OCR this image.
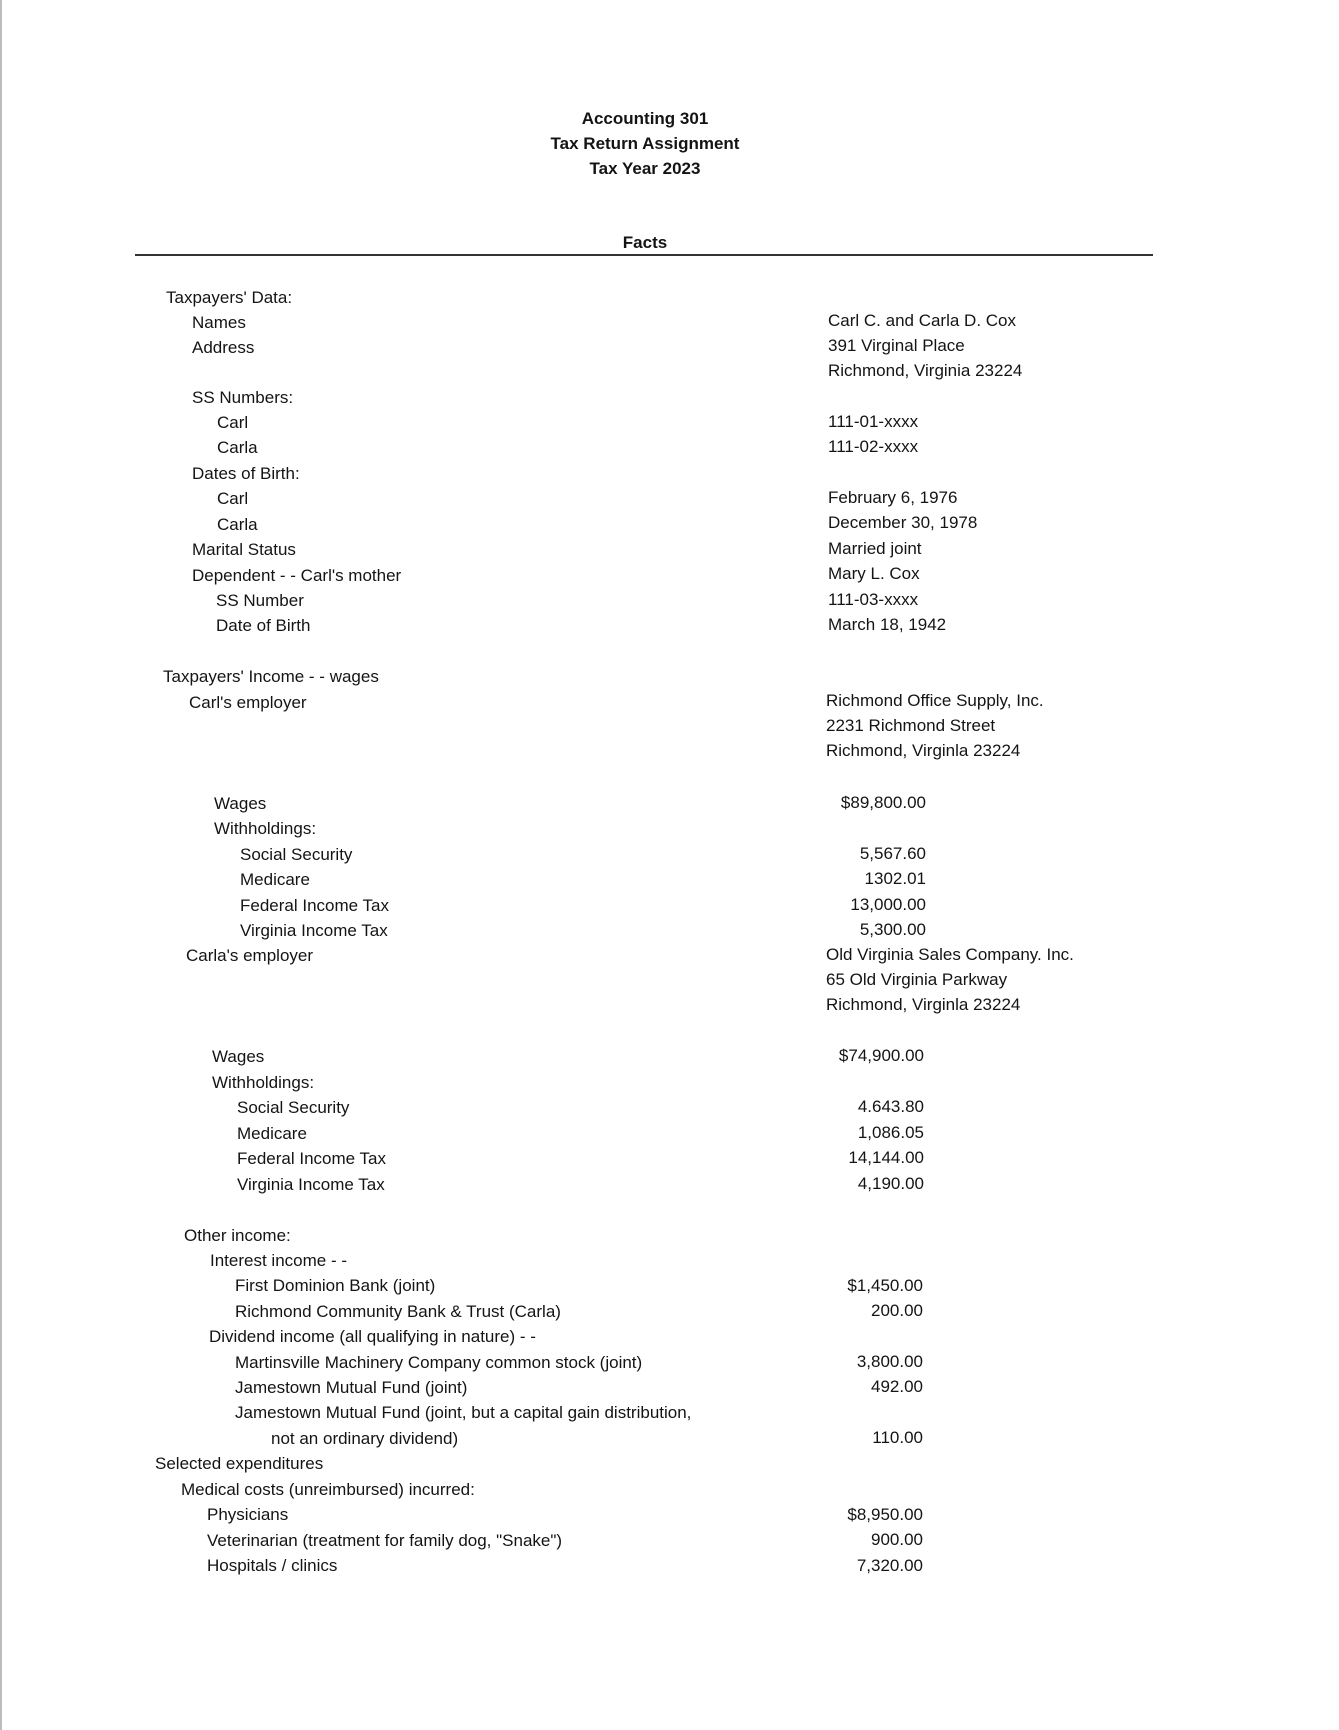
Accounting 301
Tax Return Assignment
Tax Year 2023
Facts
Taxpayers' Data:
Names	Carl C. and Carla D. Cox
Address	391 Virginal Place
Richmond, Virginia 23224
SS Numbers:
Carl	111-01-xxxx
Carla	111-02-xxxx
Dates of Birth:
Carl	February 6, 1976
Carla	December 30, 1978
Marital Status	Married joint
Dependent - - Carl's mother	Mary L. Cox
SS Number	111-03-xxxx
Date of Birth	March 18, 1942
Taxpayers' Income - - wages
Carl's employer	Richmond Office Supply, Inc.
2231 Richmond Street
Richmond, Virginla 23224
Wages	$89,800.00
Withholdings:
Social Security	5,567.60
Medicare	1302.01
Federal Income Tax	13,000.00
Virginia Income Tax	5,300.00
Carla's employer	Old Virginia Sales Company. Inc.
65 Old Virginia Parkway
Richmond, Virginla 23224
Wages	$74,900.00
Withholdings:
Social Security	4.643.80
Medicare	1,086.05
Federal Income Tax	14,144.00
Virginia Income Tax	4,190.00
Other income:
Interest income - -
First Dominion Bank (joint)	$1,450.00
Richmond Community Bank & Trust (Carla)	200.00
Dividend income (all qualifying in nature) - -
Martinsville Machinery Company common stock (joint)	3,800.00
Jamestown Mutual Fund (joint)	492.00
Jamestown Mutual Fund (joint, but a capital gain distribution,
not an ordinary dividend)	110.00
Selected expenditures
Medical costs (unreimbursed) incurred:
Physicians	$8,950.00
Veterinarian (treatment for family dog, "Snake")	900.00
Hospitals / clinics	7,320.00
